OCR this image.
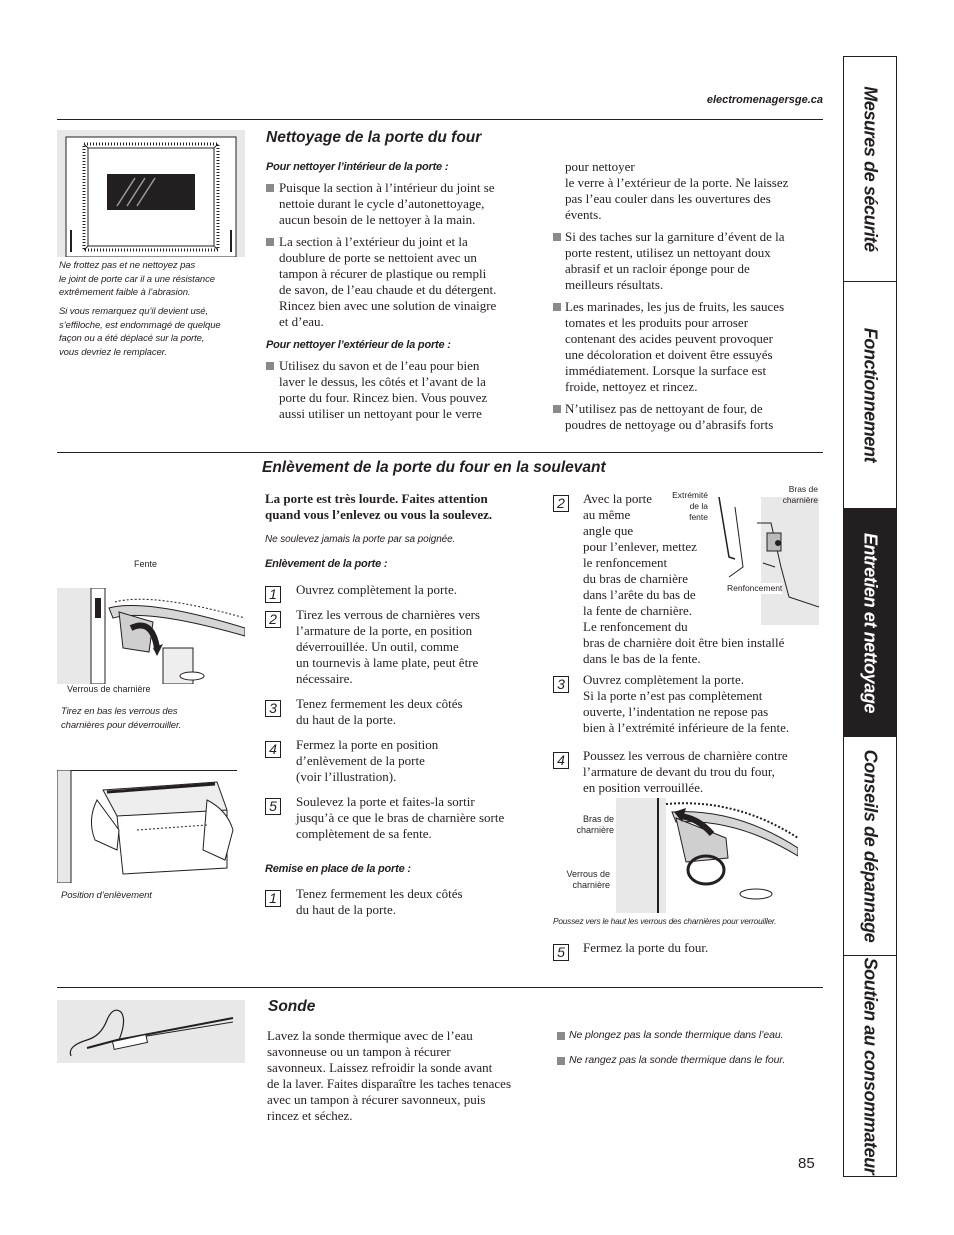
electromenagersge.ca Mesures de sécurité
Fonctionnement
Entretien et nettoyage
Conseils de dépannage
Soutien au consommateur
Ne frottez pas et ne nettoyez pas
le joint de porte car il a une résistance
extrêmement faible à l’abrasion.
Si vous remarquez qu’il devient usé,
s’effiloche, est endommagé de quelque
façon ou a été déplacé sur la porte,
vous devriez le remplacer.
Nettoyage de la porte du four
Pour nettoyer l’intérieur de la porte :
Puisque la section à l’intérieur du joint se
nettoie durant le cycle d’autonettoyage,
aucun besoin de le nettoyer à la main.
La section à l’extérieur du joint et la
doublure de porte se nettoient avec un
tampon à récurer de plastique ou rempli
de savon, de l’eau chaude et du détergent.
Rincez bien avec une solution de vinaigre
et d’eau.
Pour nettoyer l’extérieur de la porte :
Utilisez du savon et de l’eau pour bien
laver le dessus, les côtés et l’avant de la
porte du four. Rincez bien. Vous pouvez
aussi utiliser un nettoyant pour le verre
pour nettoyer
le verre à l’extérieur de la porte. Ne laissez
pas l’eau couler dans les ouvertures des
évents.
Si des taches sur la garniture d’évent de la
porte restent, utilisez un nettoyant doux
abrasif et un racloir éponge pour de
meilleurs résultats.
Les marinades, les jus de fruits, les sauces
tomates et les produits pour arroser
contenant des acides peuvent provoquer
une décoloration et doivent être essuyés
immédiatement. Lorsque la surface est
froide, nettoyez et rincez.
N’utilisez pas de nettoyant de four, de
poudres de nettoyage ou d’abrasifs forts
Enlèvement de la porte du four en la soulevant
Fente
Verrous de charnière
Tirez en bas les verrous des
charnières pour déverrouiller.
Position d’enlèvement
La porte est très lourde. Faites attention
quand vous l’enlevez ou vous la soulevez.
Ne soulevez jamais la porte par sa poignée.
Enlèvement de la porte :
1	Ouvrez complètement la porte.
2	Tirez les verrous de charnières vers
l’armature de la porte, en position
déverrouillée. Un outil, comme
un tournevis à lame plate, peut être
nécessaire.
3	Tenez fermement les deux côtés
du haut de la porte.
4	Fermez la porte en position
d’enlèvement de la porte
(voir l’illustration).
5	Soulevez la porte et faites-la sortir
jusqu’à ce que le bras de charnière sorte
complètement de sa fente.
Remise en place de la porte :
1	Tenez fermement les deux côtés
du haut de la porte.
2	Avec la porte
au même
angle que
pour l’enlever, mettez
le renfoncement
du bras de charnière
dans l’arête du bas de
la fente de charnière.
Le renfoncement du
bras de charnière doit être bien installé
dans le bas de la fente.
Extrémité
de la
fente
Bras de
charnière
Renfoncement
3	Ouvrez complètement la porte.
Si la porte n’est pas complètement
ouverte, l’indentation ne repose pas
bien à l’extrémité inférieure de la fente.
4	Poussez les verrous de charnière contre
l’armature de devant du trou du four,
en position verrouillée.
Bras de
charnière
Verrous de
charnière
Poussez vers le haut les verrous des charnières pour verrouiller.
5	Fermez la porte du four.
Sonde
Lavez la sonde thermique avec de l’eau
savonneuse ou un tampon à récurer
savonneux. Laissez refroidir la sonde avant
de la laver. Faites disparaître les taches tenaces
avec un tampon à récurer savonneux, puis
rincez et séchez.
Ne plongez pas la sonde thermique dans l’eau.
Ne rangez pas la sonde thermique dans le four.
85
